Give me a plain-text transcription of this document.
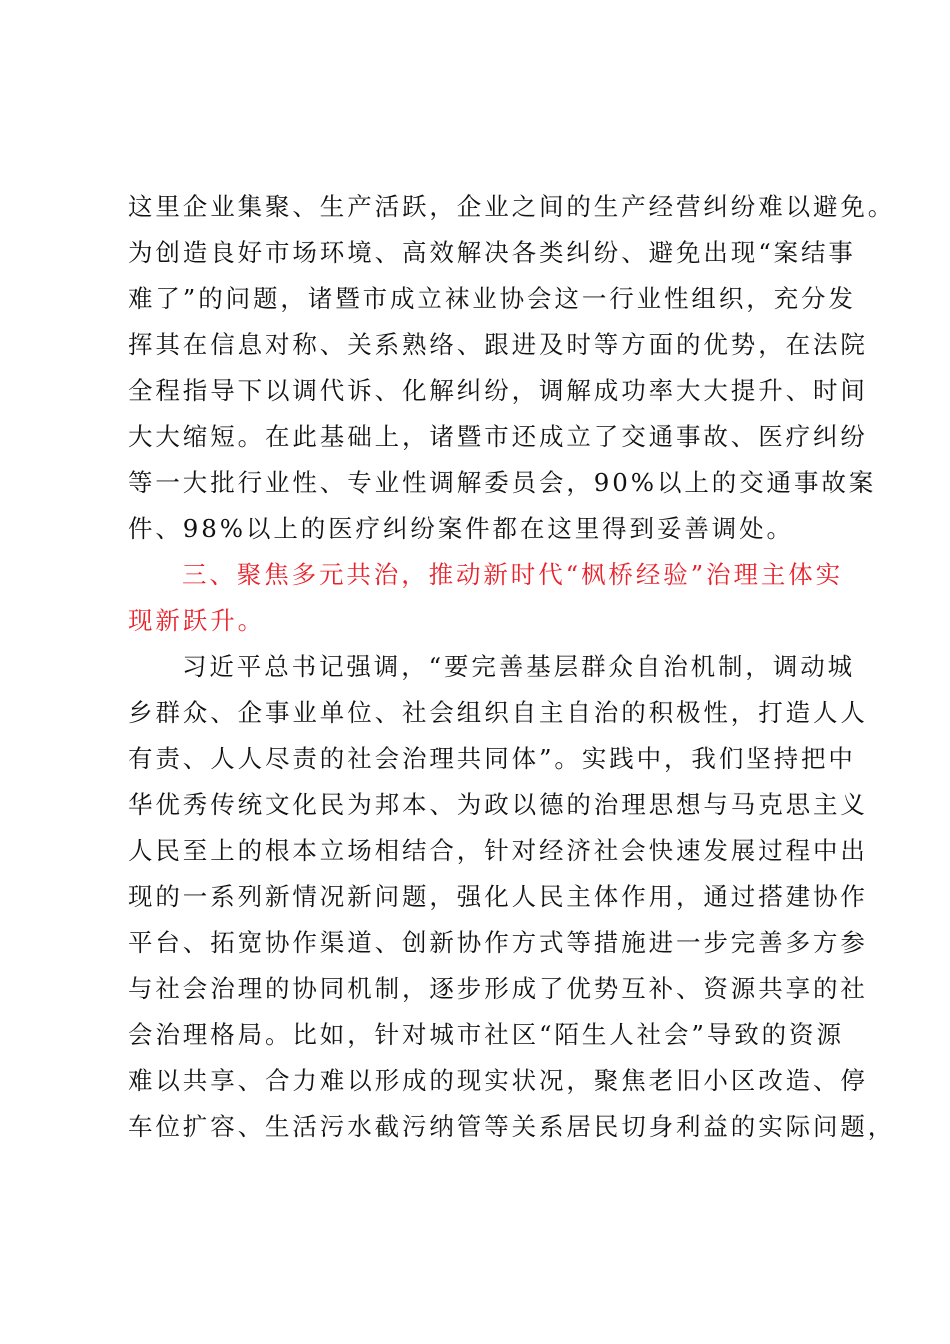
这里企业集聚、生产活跃，企业之间的生产经营纠纷难以避免。
为创造良好市场环境、高效解决各类纠纷、避免出现“案结事
难了”的问题，诸暨市成立袜业协会这一行业性组织，充分发
挥其在信息对称、关系熟络、跟进及时等方面的优势，在法院
全程指导下以调代诉、化解纠纷，调解成功率大大提升、时间
大大缩短。在此基础上，诸暨市还成立了交通事故、医疗纠纷
等一大批行业性、专业性调解委员会，90%以上的交通事故案
件、98%以上的医疗纠纷案件都在这里得到妥善调处。
三、聚焦多元共治，推动新时代“枫桥经验”治理主体实
现新跃升。
习近平总书记强调，“要完善基层群众自治机制，调动城
乡群众、企事业单位、社会组织自主自治的积极性，打造人人
有责、人人尽责的社会治理共同体”。实践中，我们坚持把中
华优秀传统文化民为邦本、为政以德的治理思想与马克思主义
人民至上的根本立场相结合，针对经济社会快速发展过程中出
现的一系列新情况新问题，强化人民主体作用，通过搭建协作
平台、拓宽协作渠道、创新协作方式等措施进一步完善多方参
与社会治理的协同机制，逐步形成了优势互补、资源共享的社
会治理格局。比如，针对城市社区“陌生人社会”导致的资源
难以共享、合力难以形成的现实状况，聚焦老旧小区改造、停
车位扩容、生活污水截污纳管等关系居民切身利益的实际问题，
